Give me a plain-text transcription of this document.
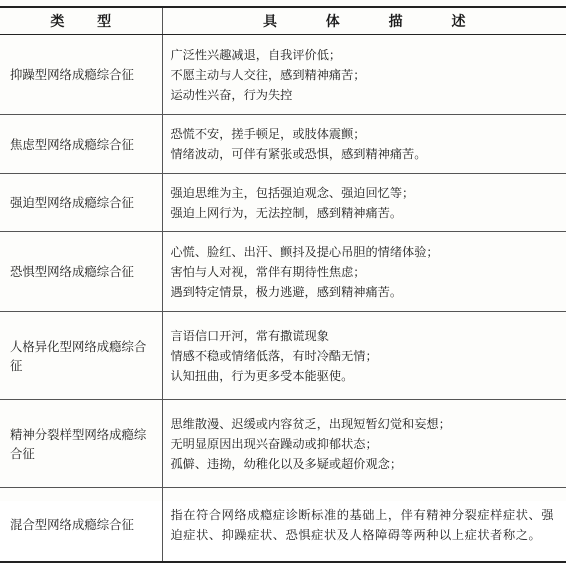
类 型	具 体 描 述
抑躁型网络成瘾综合征	广泛性兴趣减退，自我评价低；
不愿主动与人交往，感到精神痛苦；
运动性兴奋，行为失控

焦虑型网络成瘾综合征	恐慌不安，搓手顿足，或肢体震颤；
情绪波动，可伴有紧张或恐惧，感到精神痛苦。

强迫型网络成瘾综合征	强迫思维为主，包括强迫观念、强迫回忆等；
强迫上网行为，无法控制，感到精神痛苦。

恐惧型网络成瘾综合征	心慌、脸红、出汗、颤抖及提心吊胆的情绪体验；
害怕与人对视，常伴有期待性焦虑；
遇到特定情景，极力逃避，感到精神痛苦。

人格异化型网络成瘾综合征	言语信口开河，常有撒谎现象
情感不稳或情绪低落，有时冷酷无情；
认知扭曲，行为更多受本能驱使。

精神分裂样型网络成瘾综合征	思维散漫、迟缓或内容贫乏，出现短暂幻觉和妄想；
无明显原因出现兴奋躁动或抑郁状态；
孤僻、违拗，幼稚化以及多疑或超价观念；

混合型网络成瘾综合征	指在符合网络成瘾症诊断标准的基础上，伴有精神分裂症样症状、强迫症状、抑躁症状、恐惧症状及人格障碍等两种以上症状者称之。
